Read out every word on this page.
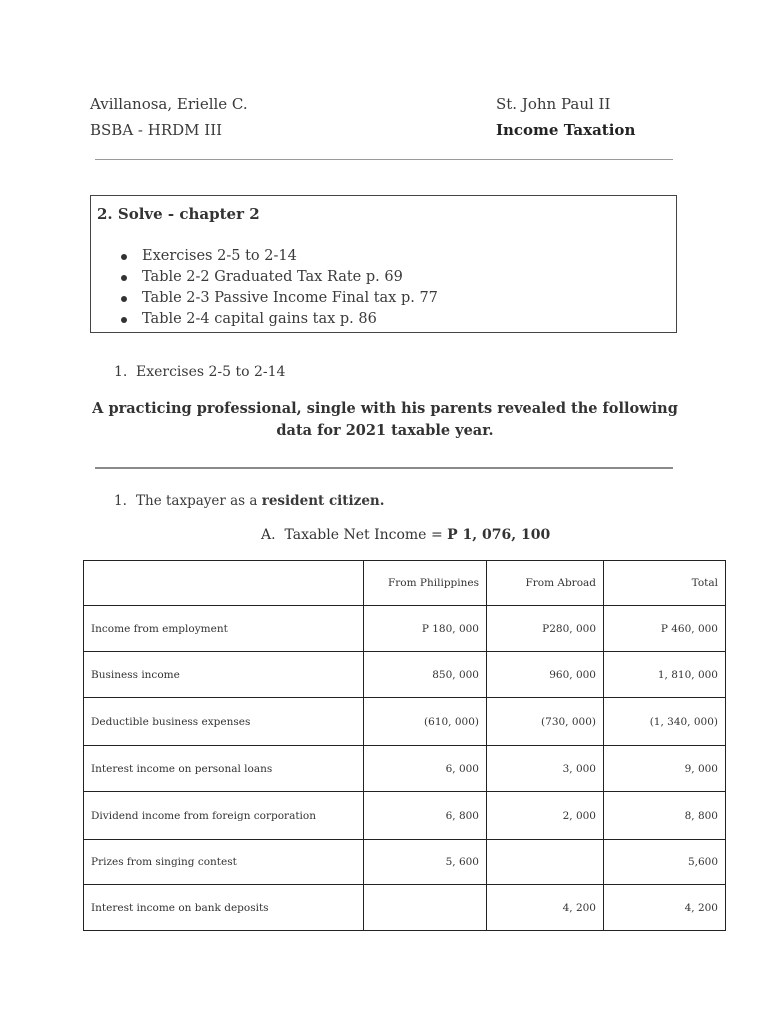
Avillanosa, Erielle C.
BSBA - HRDM III
St. John Paul II
Income Taxation
2. Solve - chapter 2
Exercises 2-5 to 2-14
Table 2-2 Graduated Tax Rate p. 69
Table 2-3 Passive Income Final tax p. 77
Table 2-4 capital gains tax p. 86
1. Exercises 2-5 to 2-14
A practicing professional, single with his parents revealed the following data for 2021 taxable year.
1. The taxpayer as a resident citizen.
A. Taxable Net Income = P 1, 076, 100
	From Philippines	From Abroad	Total
Income from employment	P 180, 000	P280, 000	P 460, 000
Business income	850, 000	960, 000	1, 810, 000
Deductible business expenses	(610, 000)	(730, 000)	(1, 340, 000)
Interest income on personal loans	6, 000	3, 000	9, 000
Dividend income from foreign corporation	6, 800	2, 000	8, 800
Prizes from singing contest	5, 600		5,600
Interest income on bank deposits		4, 200	4, 200
